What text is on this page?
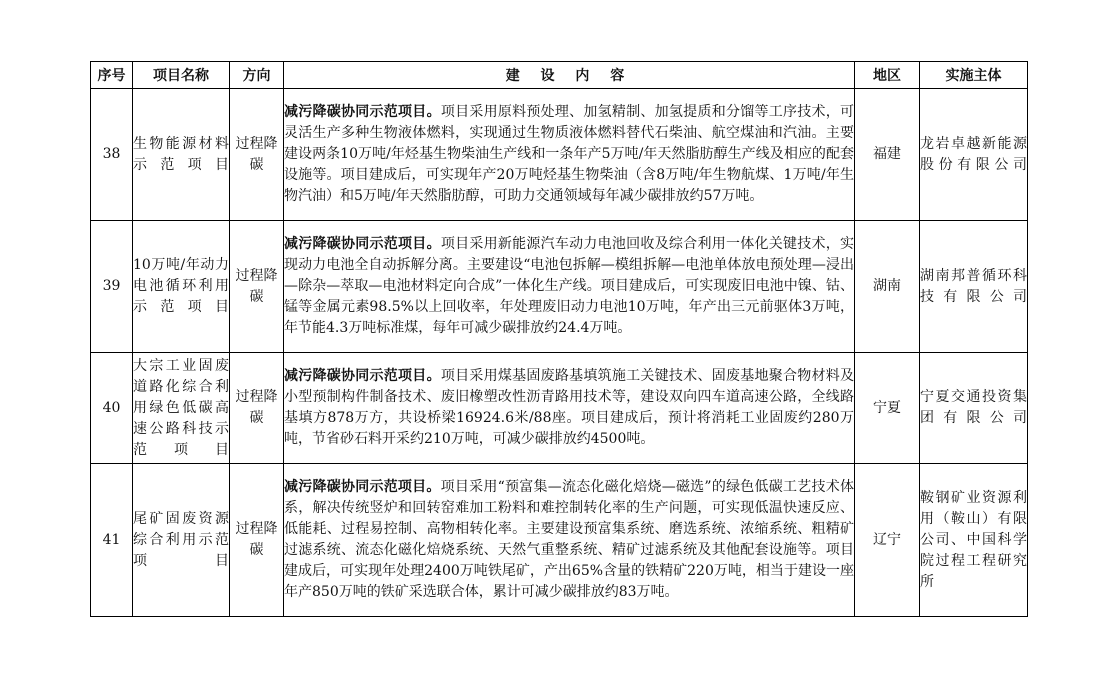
序号	项目名称	方向	建 设 内 容	地区	实施主体
38	生物能源材料示范项目	过程降碳	减污降碳协同示范项目。项目采用原料预处理、加氢精制、加氢提质和分馏等工序技术，可灵活生产多种生物液体燃料，实现通过生物质液体燃料替代石柴油、航空煤油和汽油。主要建设两条10万吨/年烃基生物柴油生产线和一条年产5万吨/年天然脂肪醇生产线及相应的配套设施等。项目建成后，可实现年产20万吨烃基生物柴油（含8万吨/年生物航煤、1万吨/年生物汽油）和5万吨/年天然脂肪醇，可助力交通领域每年减少碳排放约57万吨。	福建	龙岩卓越新能源股份有限公司
39	10万吨/年动力电池循环利用示范项目	过程降碳	减污降碳协同示范项目。项目采用新能源汽车动力电池回收及综合利用一体化关键技术，实现动力电池全自动拆解分离。主要建设“电池包拆解—模组拆解—电池单体放电预处理—浸出—除杂—萃取—电池材料定向合成”一体化生产线。项目建成后，可实现废旧电池中镍、钴、锰等金属元素98.5%以上回收率，年处理废旧动力电池10万吨，年产出三元前驱体3万吨，年节能4.3万吨标准煤，每年可减少碳排放约24.4万吨。	湖南	湖南邦普循环科技有限公司
40	大宗工业固废道路化综合利用绿色低碳高速公路科技示范项目	过程降碳	减污降碳协同示范项目。项目采用煤基固废路基填筑施工关键技术、固废基地聚合物材料及小型预制构件制备技术、废旧橡塑改性沥青路用技术等，建设双向四车道高速公路，全线路基填方878万方，共设桥梁16924.6米/88座。项目建成后，预计将消耗工业固废约280万吨，节省砂石料开采约210万吨，可减少碳排放约4500吨。	宁夏	宁夏交通投资集团有限公司
41	尾矿固废资源综合利用示范项目	过程降碳	减污降碳协同示范项目。项目采用“预富集—流态化磁化焙烧—磁选”的绿色低碳工艺技术体系，解决传统竖炉和回转窑难加工粉料和难控制转化率的生产问题，可实现低温快速反应、低能耗、过程易控制、高物相转化率。主要建设预富集系统、磨选系统、浓缩系统、粗精矿过滤系统、流态化磁化焙烧系统、天然气重整系统、精矿过滤系统及其他配套设施等。项目建成后，可实现年处理2400万吨铁尾矿，产出65%含量的铁精矿220万吨，相当于建设一座年产850万吨的铁矿采选联合体，累计可减少碳排放约83万吨。	辽宁	鞍钢矿业资源利用（鞍山）有限公司、中国科学院过程工程研究所
